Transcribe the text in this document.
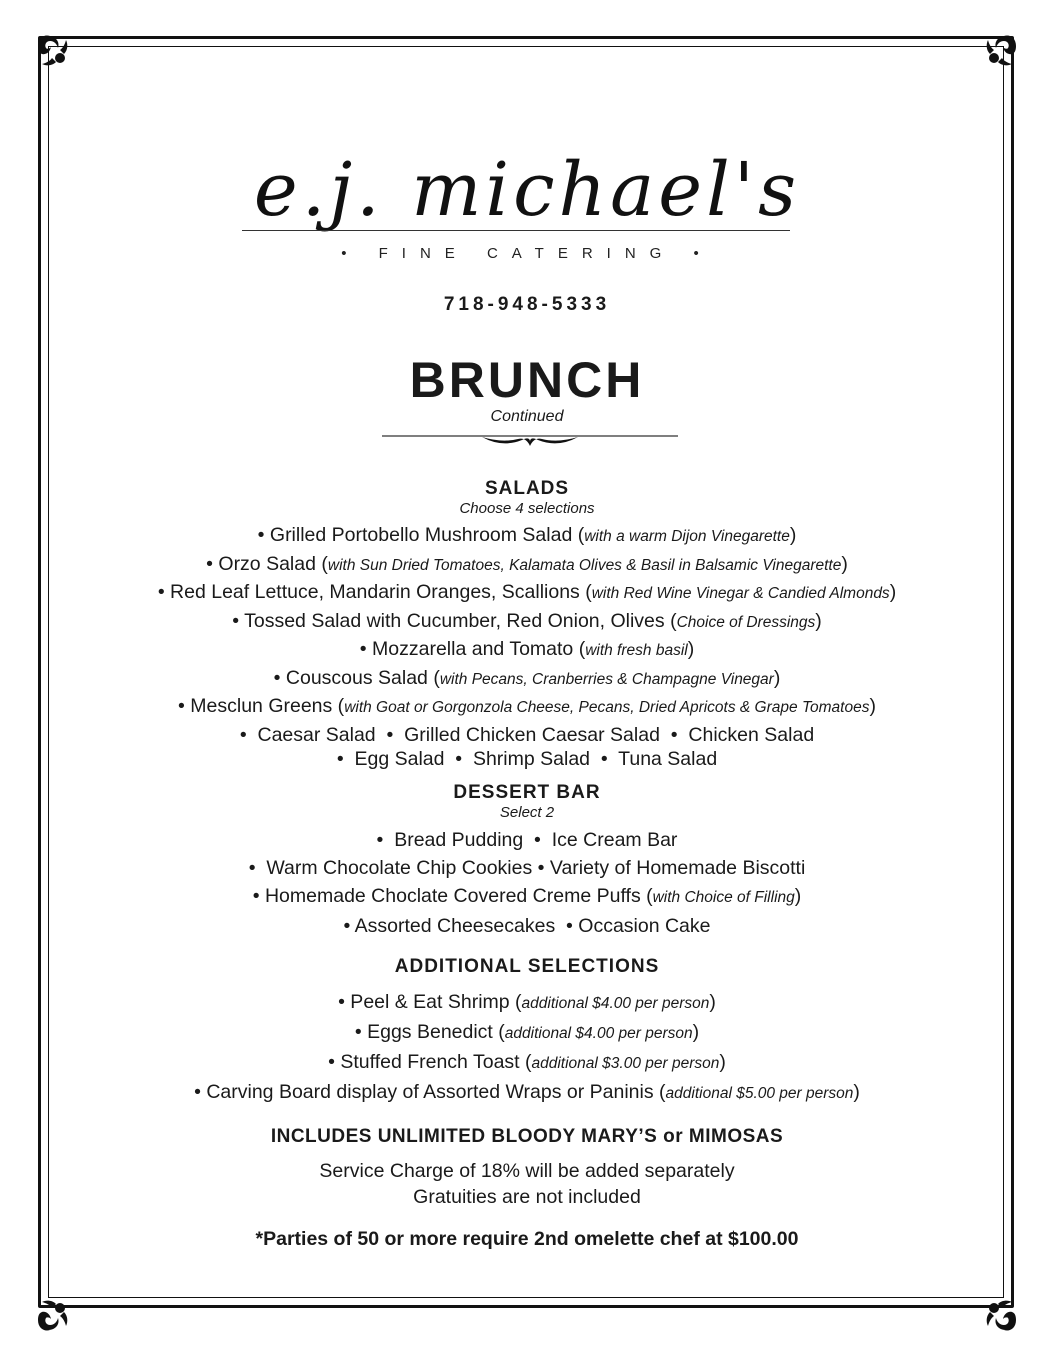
e.j. michael's
• FINE CATERING •
718-948-5333
BRUNCH
Continued
SALADS
Choose 4 selections
• Grilled Portobello Mushroom Salad (with a warm Dijon Vinegarette)
• Orzo Salad (with Sun Dried Tomatoes, Kalamata Olives & Basil in Balsamic Vinegarette)
• Red Leaf Lettuce, Mandarin Oranges, Scallions (with Red Wine Vinegar & Candied Almonds)
• Tossed Salad with Cucumber, Red Onion, Olives (Choice of Dressings)
• Mozzarella and Tomato (with fresh basil)
• Couscous Salad (with Pecans, Cranberries & Champagne Vinegar)
• Mesclun Greens (with Goat or Gorgonzola Cheese, Pecans, Dried Apricots & Grape Tomatoes)
•  Caesar Salad  •  Grilled Chicken Caesar Salad  •  Chicken Salad
•  Egg Salad  •  Shrimp Salad  •  Tuna Salad
DESSERT BAR
Select 2
•  Bread Pudding  •  Ice Cream Bar
•  Warm Chocolate Chip Cookies • Variety of Homemade Biscotti
• Homemade Choclate Covered Creme Puffs (with Choice of Filling)
• Assorted Cheesecakes  • Occasion Cake
ADDITIONAL SELECTIONS
• Peel & Eat Shrimp (additional $4.00 per person)
• Eggs Benedict (additional $4.00 per person)
• Stuffed French Toast (additional $3.00 per person)
• Carving Board display of Assorted Wraps or Paninis (additional $5.00 per person)
INCLUDES UNLIMITED BLOODY MARY’S or MIMOSAS
Service Charge of 18% will be added separately
Gratuities are not included
*Parties of 50 or more require 2nd omelette chef at $100.00
